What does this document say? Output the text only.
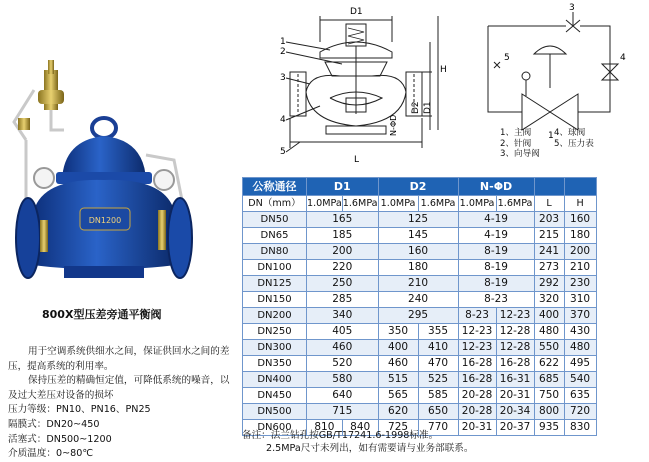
DN1200
800X型压差旁通平衡阀
用于空调系统供细水之间，保证供回水之间的差压，提高系统的利用率。
保持压差的精确恒定值，可降低系统的噪音，以及过大差压对设备的损坏
压力等级：PN10、PN16、PN25
隔膜式：DN20~450
活塞式：DN500~1200
介质温度：0~80℃
D1
H
D2 D1
N-ΦD
L
1
2
3
4
5
3
5	4
1
1、主阀	4、球阀
2、针阀	5、压力表
3、向导阀
公称通径	D1		D2		N-ΦD			
DN（mm）	1.0MPa	1.6MPa	1.0MPa	1.6MPa	1.0MPa	1.6MPa	L	H
DN50	165		125		4-19		203	160
DN65	185		145		4-19		215	180
DN80	200		160		8-19		241	200
DN100	220		180		8-19		273	210
DN125	250		210		8-19		292	230
DN150	285		240		8-23		320	310
DN200	340		295		8-23	12-23	400	370
DN250	405		350	355	12-23	12-28	480	430
DN300	460		400	410	12-23	12-28	550	480
DN350	520		460	470	16-28	16-28	622	495
DN400	580		515	525	16-28	16-31	685	540
DN450	640		565	585	20-28	20-31	750	635
DN500	715		620	650	20-28	20-34	800	720
DN600	810	840	725	770	20-31	20-37	935	830
备注：法兰钻孔按GB/T17241.6-1998标准。
2.5MPa尺寸未列出，如有需要请与业务部联系。
